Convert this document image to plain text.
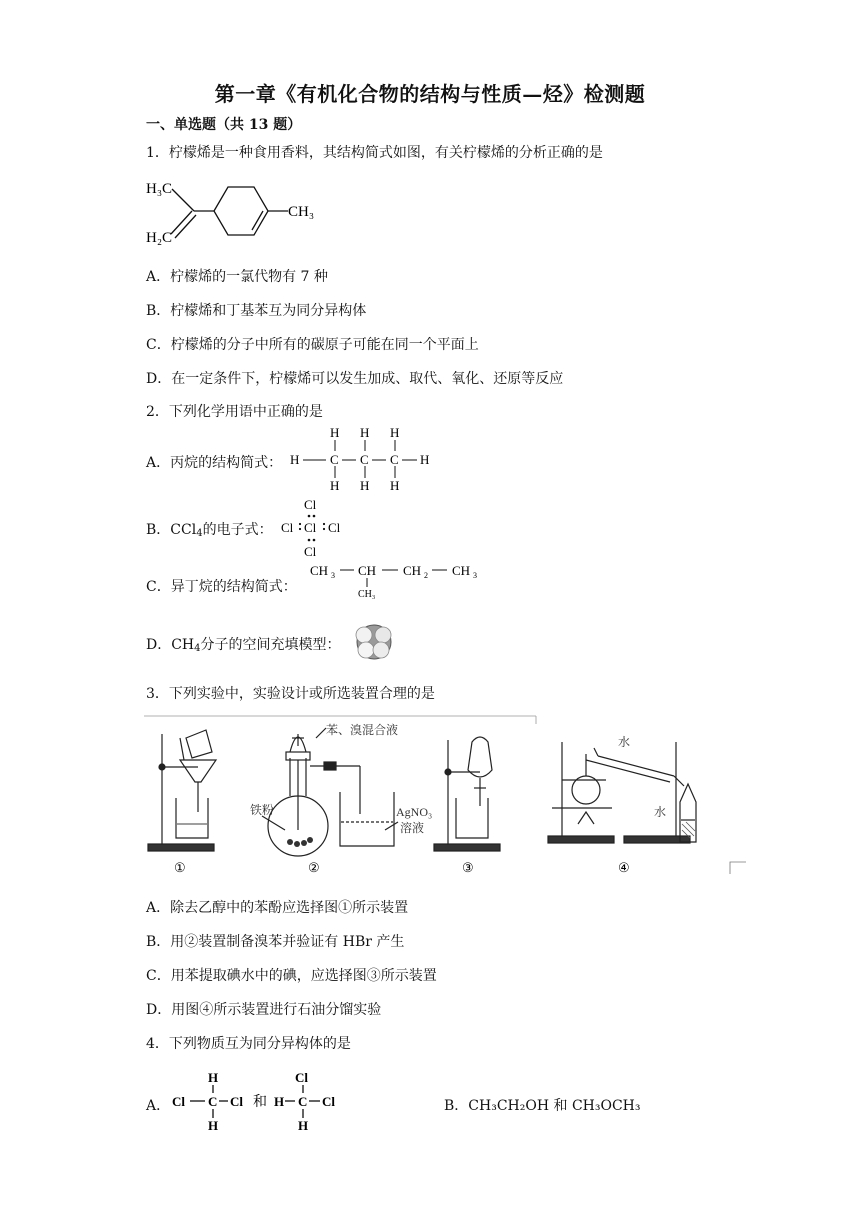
第一章《有机化合物的结构与性质—烃》检测题
一、单选题（共 13 题）
1．柠檬烯是一种食用香料，其结构简式如图，有关柠檬烯的分析正确的是
H₃C
H₂C
CH₃
A．柠檬烯的一氯代物有 7 种
B．柠檬烯和丁基苯互为同分异构体
C．柠檬烯的分子中所有的碳原子可能在同一个平面上
D．在一定条件下，柠檬烯可以发生加成、取代、氧化、还原等反应
2．下列化学用语中正确的是
A．丙烷的结构简式： H
H
C
H
H
C
H
H
C
H
H
B．CCl$_4$的电子式：
Cl
Cl Cl Cl
Cl
C．异丁烷的结构简式：
CH 3 CH CH 2 CH 3
CH₃
D．$CH_4$分子的空间充填模型：
3．下列实验中，实验设计或所选装置合理的是
①
苯、溴混合液
铁粉	AgNO₃
溶液
②	③
水
水
④
A．除去乙醇中的苯酚应选择图①所示装置
B．用②装置制备溴苯并验证有 HBr 产生
C．用苯提取碘水中的碘，应选择图③所示装置
D．用图④所示装置进行石油分馏实验
4．下列物质互为同分异构体的是
A．
H
Cl C Cl
H
Cl
H C Cl
H
和	B．CH₃CH₂OH 和 CH₃OCH₃
